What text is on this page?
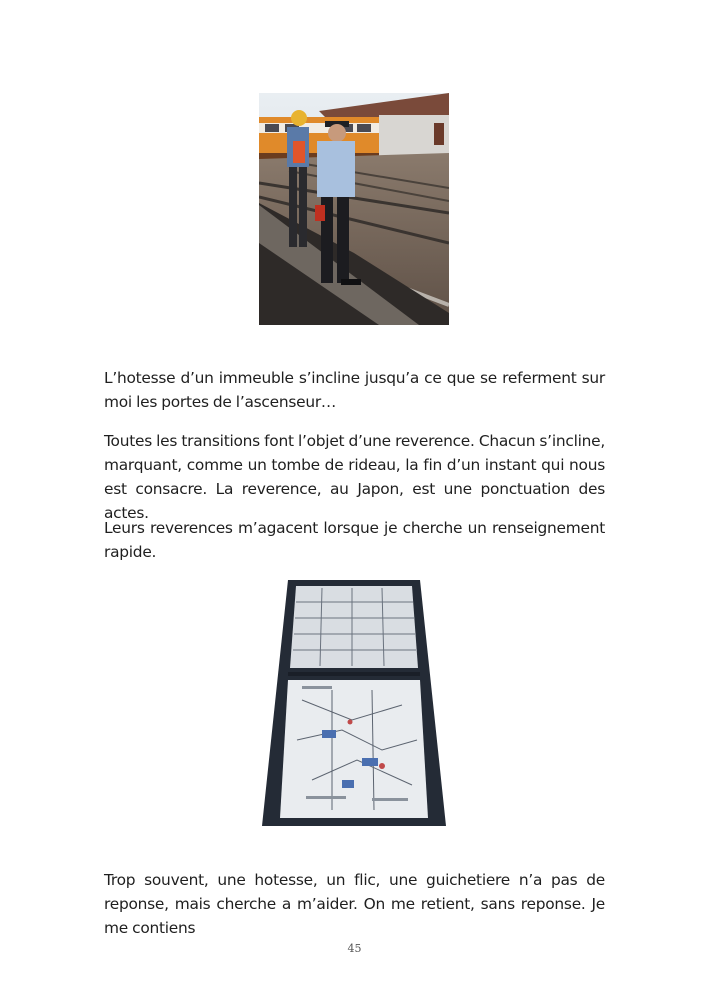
L’hotesse d’un immeuble s’incline jusqu’a ce que se referment sur moi les portes de l’ascenseur…

Toutes les transitions font l’objet d’une reverence. Chacun s’incline, marquant, comme un tombe de rideau, la fin d’un instant qui nous est consacre. La reverence, au Japon, est une ponctuation des actes.

Leurs reverences m’agacent lorsque je cherche un renseignement rapide.

Trop souvent, une hotesse, un flic, une guichetiere n’a pas de reponse, mais cherche a m’aider. On me retient, sans reponse. Je me contiens

45
